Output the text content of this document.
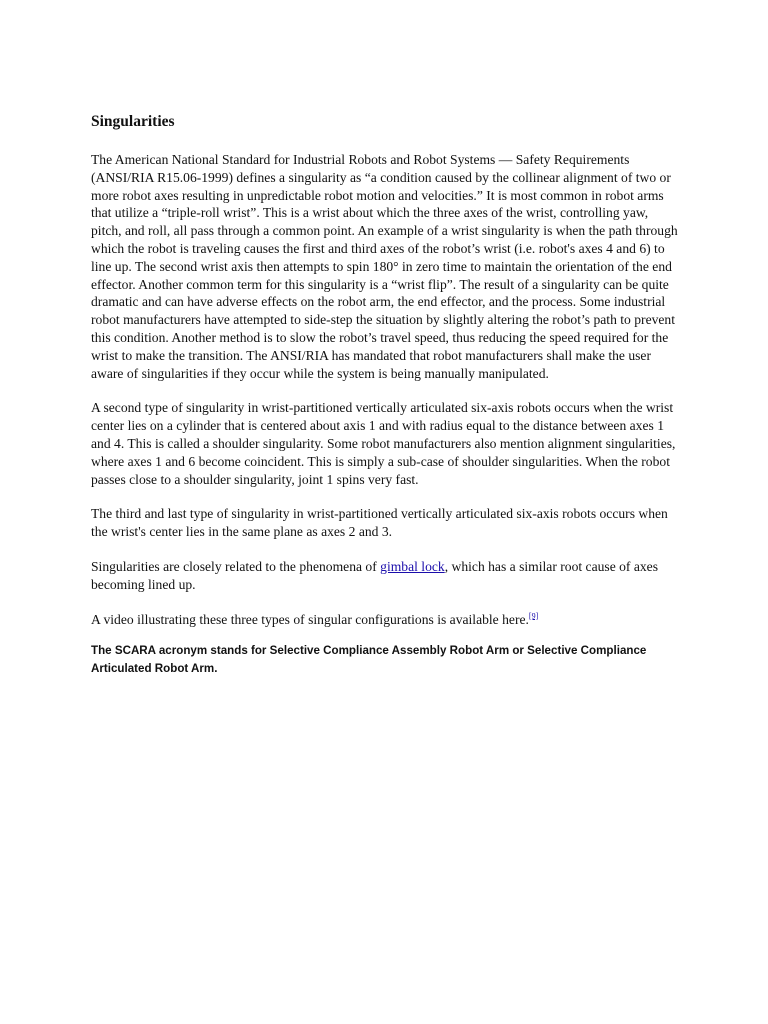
Singularities

The American National Standard for Industrial Robots and Robot Systems — Safety Requirements (ANSI/RIA R15.06-1999) defines a singularity as “a condition caused by the collinear alignment of two or more robot axes resulting in unpredictable robot motion and velocities.” It is most common in robot arms that utilize a “triple-roll wrist”. This is a wrist about which the three axes of the wrist, controlling yaw, pitch, and roll, all pass through a common point. An example of a wrist singularity is when the path through which the robot is traveling causes the first and third axes of the robot’s wrist (i.e. robot's axes 4 and 6) to line up. The second wrist axis then attempts to spin 180° in zero time to maintain the orientation of the end effector. Another common term for this singularity is a “wrist flip”. The result of a singularity can be quite dramatic and can have adverse effects on the robot arm, the end effector, and the process. Some industrial robot manufacturers have attempted to side-step the situation by slightly altering the robot’s path to prevent this condition. Another method is to slow the robot’s travel speed, thus reducing the speed required for the wrist to make the transition. The ANSI/RIA has mandated that robot manufacturers shall make the user aware of singularities if they occur while the system is being manually manipulated.

A second type of singularity in wrist-partitioned vertically articulated six-axis robots occurs when the wrist center lies on a cylinder that is centered about axis 1 and with radius equal to the distance between axes 1 and 4. This is called a shoulder singularity. Some robot manufacturers also mention alignment singularities, where axes 1 and 6 become coincident. This is simply a sub-case of shoulder singularities. When the robot passes close to a shoulder singularity, joint 1 spins very fast.

The third and last type of singularity in wrist-partitioned vertically articulated six-axis robots occurs when the wrist's center lies in the same plane as axes 2 and 3.

Singularities are closely related to the phenomena of gimbal lock, which has a similar root cause of axes becoming lined up.

A video illustrating these three types of singular configurations is available here.[9]

The SCARA acronym stands for Selective Compliance Assembly Robot Arm or Selective Compliance Articulated Robot Arm.
